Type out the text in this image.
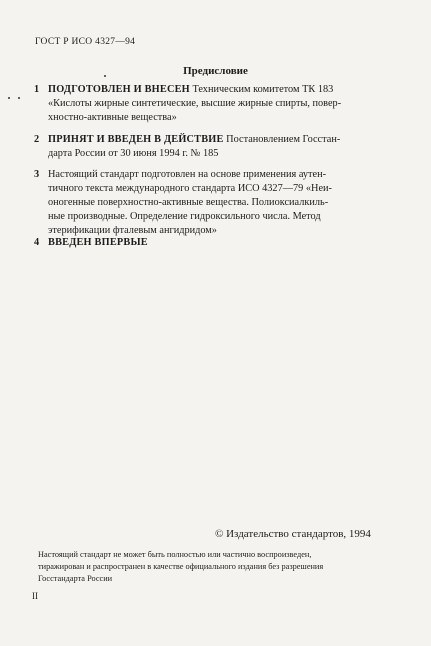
ГОСТ Р ИСО 4327—94
Предисловие
1 ПОДГОТОВЛЕН И ВНЕСЕН Техническим комитетом ТК 183
«Кислоты жирные синтетические, высшие жирные спирты, повер-
хностно-активные вещества»
2 ПРИНЯТ И ВВЕДЕН В ДЕЙСТВИЕ Постановлением Госстан-
дарта России от 30 июня 1994 г. № 185
3 Настоящий стандарт подготовлен на основе применения аутен-
тичного текста международного стандарта ИСО 4327—79 «Неи-
оногенные поверхностно-активные вещества. Полиоксиалкиль-
ные производные. Определение гидроксильного числа. Метод
этерификации фталевым ангидридом»
4 ВВЕДЕН ВПЕРВЫЕ
© Издательство стандартов, 1994
Настоящий стандарт не может быть полностью или частично воспроизведен,
тиражирован и распространен в качестве официального издания без разрешения
Госстандарта России
II
